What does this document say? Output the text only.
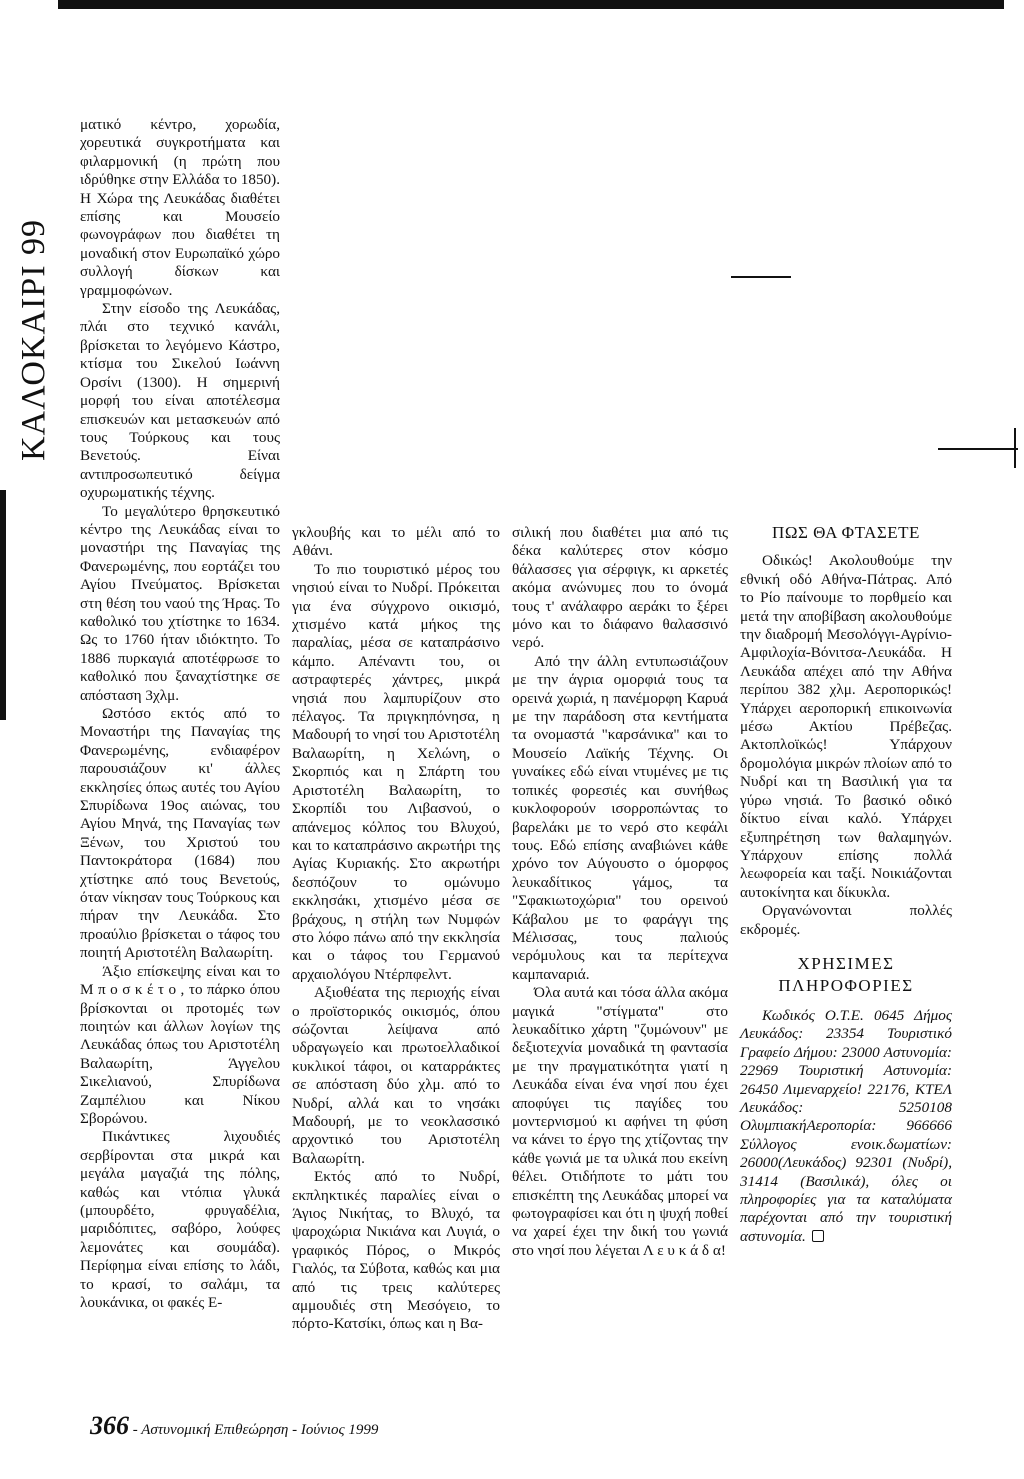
ΚΑΛΟΚΑΙΡΙ 99

ματικό κέντρο, χορωδία, χορευτικά συγκροτήματα και φιλαρμονική (η πρώτη που ιδρύθηκε στην Ελλάδα το 1850). Η Χώρα της Λευκάδας διαθέτει επίσης και Μουσείο φωνογράφων που διαθέτει τη μοναδική στον Ευρωπαϊκό χώρο συλλογή δίσκων και γραμμοφώνων.

Στην είσοδο της Λευκάδας, πλάι στο τεχνικό κανάλι, βρίσκεται το λεγόμενο Κάστρο, κτίσμα του Σικελού Ιωάννη Ορσίνι (1300). Η σημερινή μορφή του είναι αποτέλεσμα επισκευών και μετασκευών από τους Τούρκους και τους Βενετούς. Είναι αντιπροσωπευτικό δείγμα οχυρωματικής τέχνης.

Το μεγαλύτερο θρησκευτικό κέντρο της Λευκάδας είναι το μοναστήρι της Παναγίας της Φανερωμένης, που εορτάζει του Αγίου Πνεύματος. Βρίσκεται στη θέση του ναού της Ήρας. Το καθολικό του χτίστηκε το 1634. Ως το 1760 ήταν ιδιόκτητο. Το 1886 πυρκαγιά αποτέφρωσε το καθολικό που ξαναχτίστηκε σε απόσταση 3χλμ.

Ωστόσο εκτός από το Μοναστήρι της Παναγίας της Φανερωμένης, ενδιαφέρον παρουσιάζουν κι' άλλες εκκλησίες όπως αυτές του Αγίου Σπυρίδωνα 19ος αιώνας, του Αγίου Μηνά, της Παναγίας των Ξένων, του Χριστού του Παντοκράτορα (1684) που χτίστηκε από τους Βενετούς, όταν νίκησαν τους Τούρκους και πήραν την Λευκάδα. Στο προαύλιο βρίσκεται ο τάφος του ποιητή Αριστοτέλη Βαλαωρίτη.

Άξιο επίσκεψης είναι και το Μ π ο σ κ έ τ ο , το πάρκο όπου βρίσκονται οι προτομές των ποιητών και άλλων λογίων της Λευκάδας όπως του Αριστοτέλη Βαλαωρίτη, Άγγελου Σικελιανού, Σπυρίδωνα Ζαμπέλιου και Νίκου Σβορώνου.

Πικάντικες λιχουδιές σερβίρονται στα μικρά και μεγάλα μαγαζιά της πόλης, καθώς και ντόπια γλυκά (μπουρδέτο, φρυγαδέλια, μαριδόπιτες, σαβόρο, λούφες λεμονάτες και σουμάδα). Περίφημα είναι επίσης το λάδι, το κρασί, το σαλάμι, τα λουκάνικα, οι φακές Ε-

γκλουβής και το μέλι από το Αθάνι.

Το πιο τουριστικό μέρος του νησιού είναι το Νυδρί. Πρόκειται για ένα σύγχρονο οικισμό, χτισμένο κατά μήκος της παραλίας, μέσα σε καταπράσινο κάμπο. Απέναντι του, οι αστραφτερές χάντρες, μικρά νησιά που λαμπυρίζουν στο πέλαγος. Τα πριγκηπόνησα, η Μαδουρή το νησί του Αριστοτέλη Βαλαωρίτη, η Χελώνη, ο Σκορπιός και η Σπάρτη του Αριστοτέλη Βαλαωρίτη, το Σκορπίδι του Λιβασνού, ο απάνεμος κόλπος του Βλυχού, και το καταπράσινο ακρωτήρι της Αγίας Κυριακής. Στο ακρωτήρι δεσπόζουν το ομώνυμο εκκλησάκι, χτισμένο μέσα σε βράχους, η στήλη των Νυμφών στο λόφο πάνω από την εκκλησία και ο τάφος του Γερμανού αρχαιολόγου Ντέρπφελντ.

Αξιοθέατα της περιοχής είναι ο προϊστορικός οικισμός, όπου σώζονται λείψανα από υδραγωγείο και πρωτοελλαδικοί κυκλικοί τάφοι, οι καταρράκτες σε απόσταση δύο χλμ. από το Νυδρί, αλλά και το νησάκι Μαδουρή, με το νεοκλασσικό αρχοντικό του Αριστοτέλη Βαλαωρίτη.

Εκτός από το Νυδρί, εκπληκτικές παραλίες είναι ο Άγιος Νικήτας, το Βλυχό, τα ψαροχώρια Νικιάνα και Λυγιά, ο γραφικός Πόρος, ο Μικρός Γιαλός, τα Σύβοτα, καθώς και μια από τις τρεις καλύτερες αμμουδιές στη Μεσόγειο, το πόρτο-Κατσίκι, όπως και η Βα-

σιλική που διαθέτει μια από τις δέκα καλύτερες στον κόσμο θάλασσες για σέρφιγκ, κι αρκετές ακόμα ανώνυμες που το όνομά τους τ' ανάλαφρο αεράκι το ξέρει μόνο και το διάφανο θαλασσινό νερό.

Από την άλλη εντυπωσιάζουν με την άγρια ομορφιά τους τα ορεινά χωριά, η πανέμορφη Καρυά με την παράδοση στα κεντήματα τα ονομαστά "καρσάνικα" και το Μουσείο Λαϊκής Τέχνης. Οι γυναίκες εδώ είναι ντυμένες με τις τοπικές φορεσιές και συνήθως κυκλοφορούν ισορροπώντας το βαρελάκι με το νερό στο κεφάλι τους. Εδώ επίσης αναβιώνει κάθε χρόνο τον Αύγουστο ο όμορφος λευκαδίτικος γάμος, τα "Σφακιωτοχώρια" του ορεινού Κάβαλου με το φαράγγι της Μέλισσας, τους παλιούς νερόμυλους και τα περίτεχνα καμπαναριά.

Όλα αυτά και τόσα άλλα ακόμα μαγικά "στίγματα" στο λευκαδίτικο χάρτη "ζυμώνουν" με δεξιοτεχνία μοναδικά τη φαντασία με την πραγματικότητα γιατί η Λευκάδα είναι ένα νησί που έχει αποφύγει τις παγίδες του μοντερνισμού κι αφήνει τη φύση να κάνει το έργο της χτίζοντας την κάθε γωνιά με τα υλικά που εκείνη θέλει. Οτιδήποτε το μάτι του επισκέπτη της Λευκάδας μπορεί να φωτογραφίσει και ότι η ψυχή ποθεί να χαρεί έχει την δική του γωνιά στο νησί που λέγεται Λ ε υ κ ά δ α!

ΠΩΣ ΘΑ ΦΤΑΣΕΤΕ

Οδικώς! Ακολουθούμε την εθνική οδό Αθήνα-Πάτρας. Από το Ρίο παίνουμε το πορθμείο και μετά την αποβίβαση ακολουθούμε την διαδρομή Μεσολόγγι-Αγρίνιο-Αμφιλοχία-Βόνιτσα-Λευκάδα. Η Λευκάδα απέχει από την Αθήνα περίπου 382 χλμ. Αεροπορικώς! Υπάρχει αεροπορική επικοινωνία μέσω Ακτίου Πρέβεζας. Ακτοπλοϊκώς! Υπάρχουν δρομολόγια μικρών πλοίων από το Νυδρί και τη Βασιλική για τα γύρω νησιά. Το βασικό οδικό δίκτυο είναι καλό. Υπάρχει εξυπηρέτηση των θαλαμηγών. Υπάρχουν επίσης πολλά λεωφορεία και ταξί. Νοικιάζονται αυτοκίνητα και δίκυκλα.

Οργανώνονται πολλές εκδρομές.

ΧΡΗΣΙΜΕΣ
ΠΛΗΡΟΦΟΡΙΕΣ

Κωδικός Ο.Τ.Ε. 0645 Δήμος Λευκάδος: 23354 Τουριστικό Γραφείο Δήμου: 23000 Αστυνομία: 22969 Τουριστική Αστυνομία: 26450 Λιμεναρχείο! 22176, ΚΤΕΛ Λευκάδος: 5250108 ΟλυμπιακήΑεροπορία: 966666 Σύλλογος ενοικ.δωματίων: 26000(Λευκάδος) 92301 (Νυδρί), 31414 (Βασιλικά), όλες οι πληροφορίες για τα καταλύματα παρέχονται από την τουριστική αστυνομία.

366 - Αστυνομική Επιθεώρηση - Ιούνιος 1999
